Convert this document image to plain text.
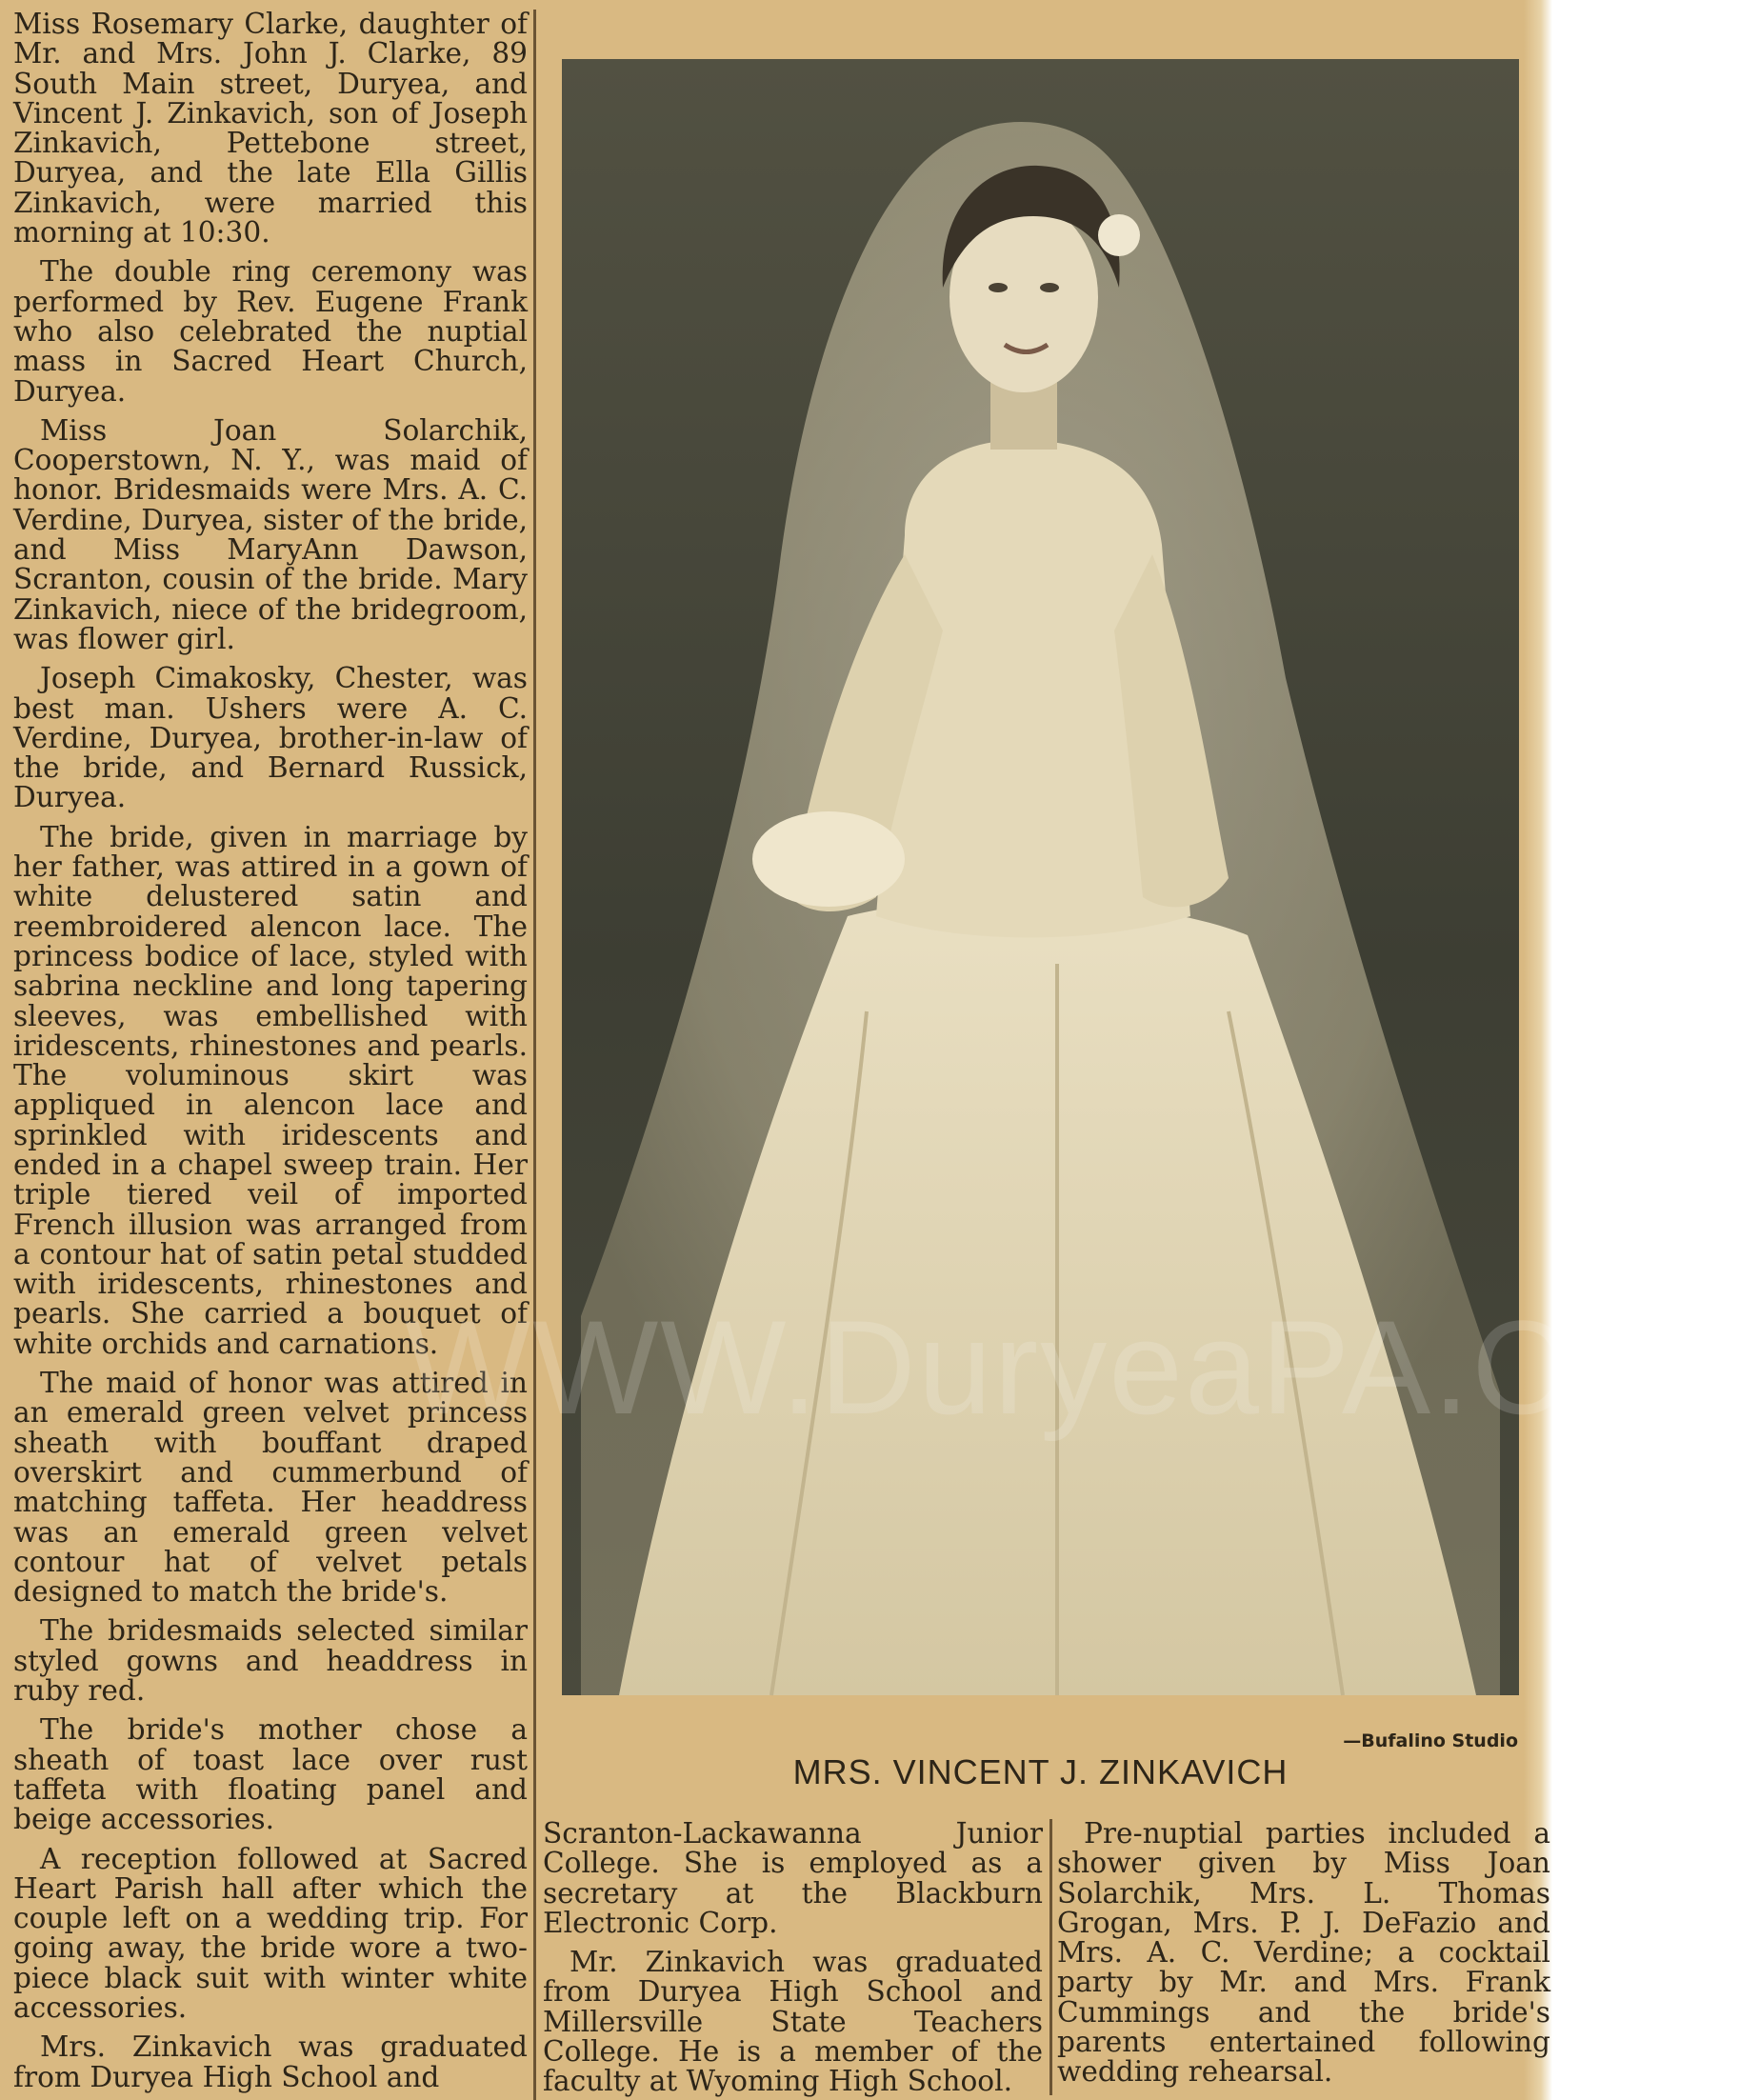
Miss Rosemary Clarke, daughter of Mr. and Mrs. John J. Clarke, 89 South Main street, Duryea, and Vincent J. Zinkavich, son of Joseph Zinkavich, Pettebone street, Duryea, and the late Ella Gillis Zinkavich, were married this morning at 10:30.

The double ring ceremony was performed by Rev. Eugene Frank who also celebrated the nuptial mass in Sacred Heart Church, Duryea.

Miss Joan Solarchik, Cooperstown, N. Y., was maid of honor. Bridesmaids were Mrs. A. C. Verdine, Duryea, sister of the bride, and Miss MaryAnn Dawson, Scranton, cousin of the bride. Mary Zinkavich, niece of the bridegroom, was flower girl.

Joseph Cimakosky, Chester, was best man. Ushers were A. C. Verdine, Duryea, brother-in-law of the bride, and Bernard Russick, Duryea.

The bride, given in marriage by her father, was attired in a gown of white delustered satin and reembroidered alencon lace. The princess bodice of lace, styled with sabrina neckline and long tapering sleeves, was embellished with iridescents, rhinestones and pearls. The voluminous skirt was appliqued in alencon lace and sprinkled with iridescents and ended in a chapel sweep train. Her triple tiered veil of imported French illusion was arranged from a contour hat of satin petal studded with iridescents, rhinestones and pearls. She carried a bouquet of white orchids and carnations.

The maid of honor was attired in an emerald green velvet princess sheath with bouffant draped overskirt and cummerbund of matching taffeta. Her headdress was an emerald green velvet contour hat of velvet petals designed to match the bride's.

The bridesmaids selected similar styled gowns and headdress in ruby red.

The bride's mother chose a sheath of toast lace over rust taffeta with floating panel and beige accessories.

A reception followed at Sacred Heart Parish hall after which the couple left on a wedding trip. For going away, the bride wore a two-piece black suit with winter white accessories.

Mrs. Zinkavich was graduated from Duryea High School and

—Bufalino Studio
MRS. VINCENT J. ZINKAVICH

Scranton-Lackawanna Junior College. She is employed as a secretary at the Blackburn Electronic Corp.

Mr. Zinkavich was graduated from Duryea High School and Millersville State Teachers College. He is a member of the faculty at Wyoming High School.

Pre-nuptial parties included a shower given by Miss Joan Solarchik, Mrs. L. Thomas Grogan, Mrs. P. J. DeFazio and Mrs. A. C. Verdine; a cocktail party by Mr. and Mrs. Frank Cummings and the bride's parents entertained following wedding rehearsal.
